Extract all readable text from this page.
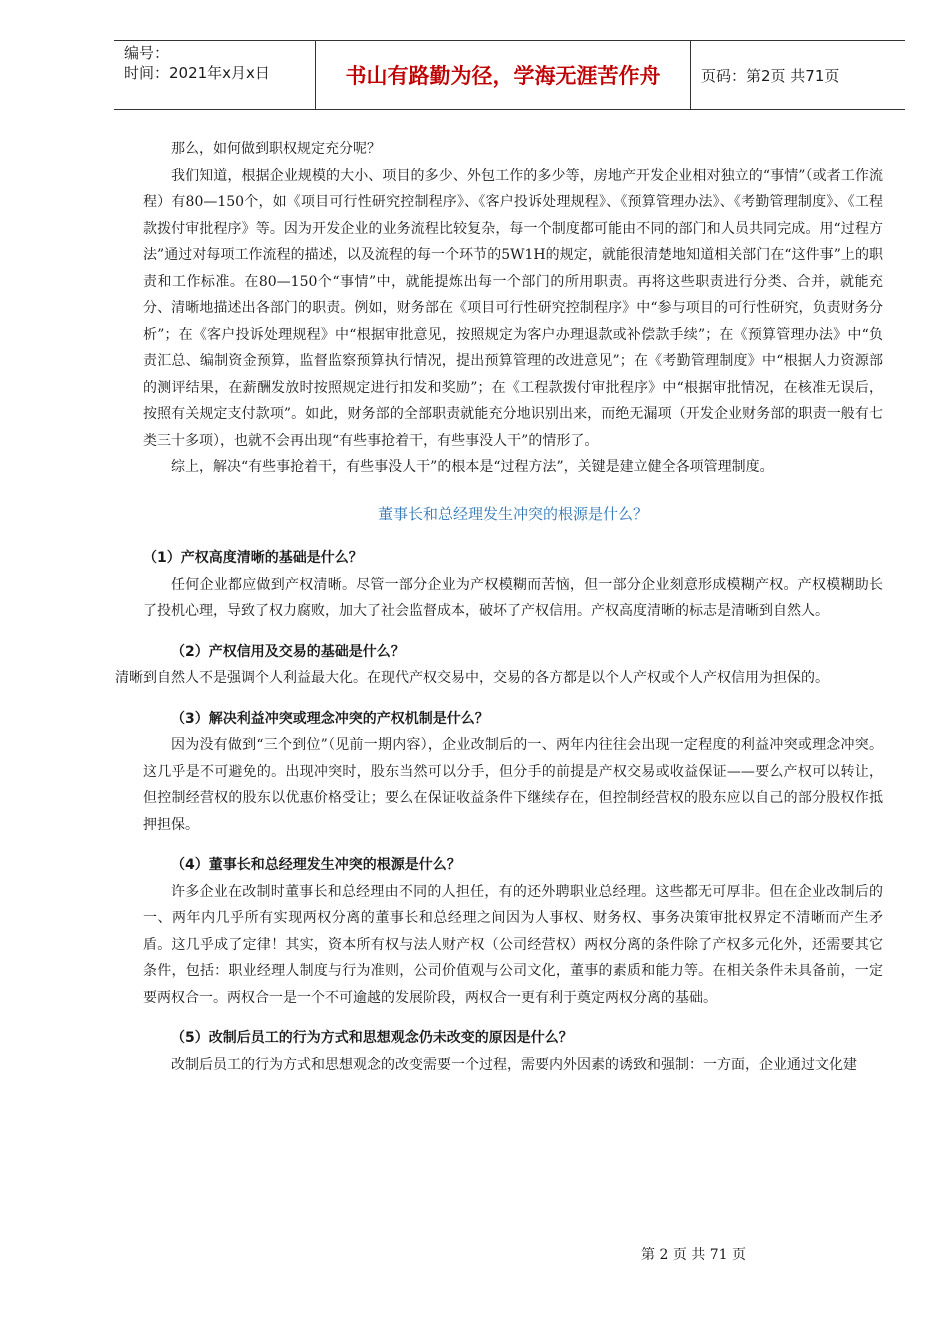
编号：
时间：2021年x月x日	书山有路勤为径，学海无涯苦作舟	页码：第2页 共71页

那么，如何做到职权规定充分呢？

我们知道，根据企业规模的大小、项目的多少、外包工作的多少等，房地产开发企业相对独立的“事情”（或者工作流程）有80—150个，如《项目可行性研究控制程序》、《客户投诉处理规程》、《预算管理办法》、《考勤管理制度》、《工程款拨付审批程序》等。因为开发企业的业务流程比较复杂，每一个制度都可能由不同的部门和人员共同完成。用“过程方法”通过对每项工作流程的描述，以及流程的每一个环节的5W1H的规定，就能很清楚地知道相关部门在“这件事”上的职责和工作标准。在80—150个“事情”中，就能提炼出每一个部门的所用职责。再将这些职责进行分类、合并，就能充分、清晰地描述出各部门的职责。例如，财务部在《项目可行性研究控制程序》中“参与项目的可行性研究，负责财务分析”；在《客户投诉处理规程》中“根据审批意见，按照规定为客户办理退款或补偿款手续”；在《预算管理办法》中“负责汇总、编制资金预算，监督监察预算执行情况，提出预算管理的改进意见”；在《考勤管理制度》中“根据人力资源部的测评结果，在薪酬发放时按照规定进行扣发和奖励”；在《工程款拨付审批程序》中“根据审批情况，在核准无误后，按照有关规定支付款项”。如此，财务部的全部职责就能充分地识别出来，而绝无漏项（开发企业财务部的职责一般有七类三十多项），也就不会再出现“有些事抢着干，有些事没人干”的情形了。

综上，解决“有些事抢着干，有些事没人干”的根本是“过程方法”，关键是建立健全各项管理制度。

董事长和总经理发生冲突的根源是什么？

（1）产权高度清晰的基础是什么？

任何企业都应做到产权清晰。尽管一部分企业为产权模糊而苦恼，但一部分企业刻意形成模糊产权。产权模糊助长了投机心理，导致了权力腐败，加大了社会监督成本，破坏了产权信用。产权高度清晰的标志是清晰到自然人。

（2）产权信用及交易的基础是什么？

清晰到自然人不是强调个人利益最大化。在现代产权交易中，交易的各方都是以个人产权或个人产权信用为担保的。

（3）解决利益冲突或理念冲突的产权机制是什么？

因为没有做到“三个到位”（见前一期内容），企业改制后的一、两年内往往会出现一定程度的利益冲突或理念冲突。这几乎是不可避免的。出现冲突时，股东当然可以分手，但分手的前提是产权交易或收益保证——要么产权可以转让，但控制经营权的股东以优惠价格受让；要么在保证收益条件下继续存在，但控制经营权的股东应以自己的部分股权作抵押担保。

（4）董事长和总经理发生冲突的根源是什么？

许多企业在改制时董事长和总经理由不同的人担任，有的还外聘职业总经理。这些都无可厚非。但在企业改制后的一、两年内几乎所有实现两权分离的董事长和总经理之间因为人事权、财务权、事务决策审批权界定不清晰而产生矛盾。这几乎成了定律！其实，资本所有权与法人财产权（公司经营权）两权分离的条件除了产权多元化外，还需要其它条件，包括：职业经理人制度与行为准则，公司价值观与公司文化，董事的素质和能力等。在相关条件未具备前，一定要两权合一。两权合一是一个不可逾越的发展阶段，两权合一更有利于奠定两权分离的基础。

（5）改制后员工的行为方式和思想观念仍未改变的原因是什么？

改制后员工的行为方式和思想观念的改变需要一个过程，需要内外因素的诱致和强制：一方面，企业通过文化建

第 2 页 共 71 页
